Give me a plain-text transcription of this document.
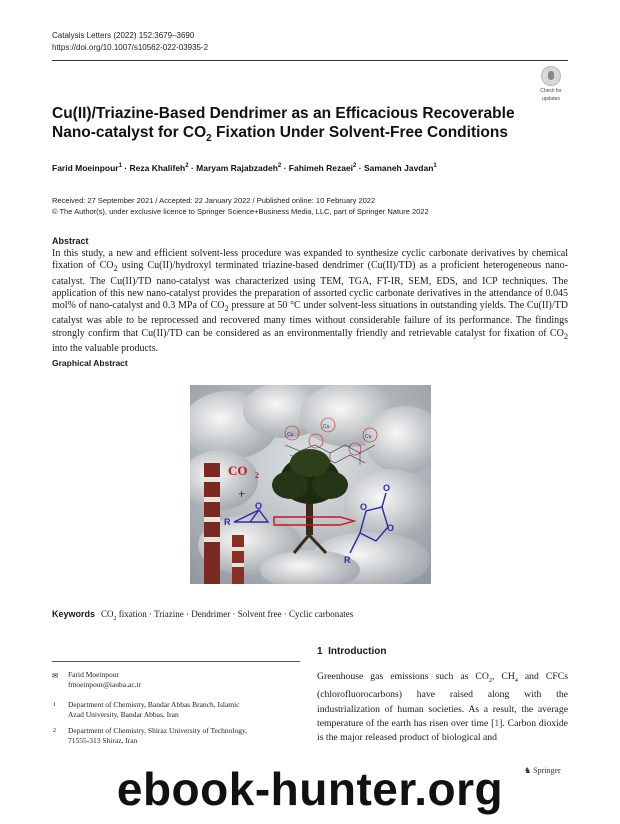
Catalysis Letters (2022) 152:3679–3690
https://doi.org/10.1007/s10562-022-03935-2
Check for
updates
Cu(II)/Triazine-Based Dendrimer as an Efficacious Recoverable
Nano-catalyst for $CO_2$ Fixation Under Solvent-Free Conditions
Farid Moeinpour$^1$ · Reza Khalifeh$^2$ · Maryam Rajabzadeh$^2$ · Fahimeh Rezaei$^2$ · Samaneh Javdan$^1$
Received: 27 September 2021 / Accepted: 22 January 2022 / Published online: 10 February 2022
© The Author(s), under exclusive licence to Springer Science+Business Media, LLC, part of Springer Nature 2022
Abstract
In this study, a new and efficient solvent-less procedure was expanded to synthesize cyclic carbonate derivatives by chemical fixation of $CO_2$ using Cu(II)/hydroxyl terminated triazine-based dendrimer (Cu(II)/TD) as a proficient heterogeneous nano-catalyst. The Cu(II)/TD nano-catalyst was characterized using TEM, TGA, FT-IR, SEM, EDS, and ICP techniques. The application of this new nano-catalyst provides the preparation of assorted cyclic carbonate derivatives in the attendance of 0.045 mol% of nano-catalyst and 0.3 MPa of $CO_2$ pressure at 50 °C under solvent-less situations in outstanding yields. The Cu(II)/TD catalyst was able to be reprocessed and recovered many times without considerable failure of its performance. The findings strongly confirm that Cu(II)/TD can be considered as an environmentally friendly and retrievable catalyst for fixation of $CO_2$ into the valuable products.
Graphical Abstract
Cu
Cu
Cu
CO 2
+
R
O	O
O
O
R
Keywords $CO_2$ fixation · Triazine · Dendrimer · Solvent free · Cyclic carbonates
✉ Farid Moeinpour
fmoeinpour@iauba.ac.ir
1 Department of Chemistry, Bandar Abbas Branch, Islamic
Azad University, Bandar Abbas, Iran
2 Department of Chemistry, Shiraz University of Technology,
71555-313 Shiraz, Iran
1 Introduction
Greenhouse gas emissions such as $CO_2$, $CH_4$ and CFCs (chlorofluorocarbons) have raised along with the industrialization of human societies. As a result, the average temperature of the earth has risen over time [1]. Carbon dioxide is the major released product of biological and
♞ Springer
ebook-hunter.org
